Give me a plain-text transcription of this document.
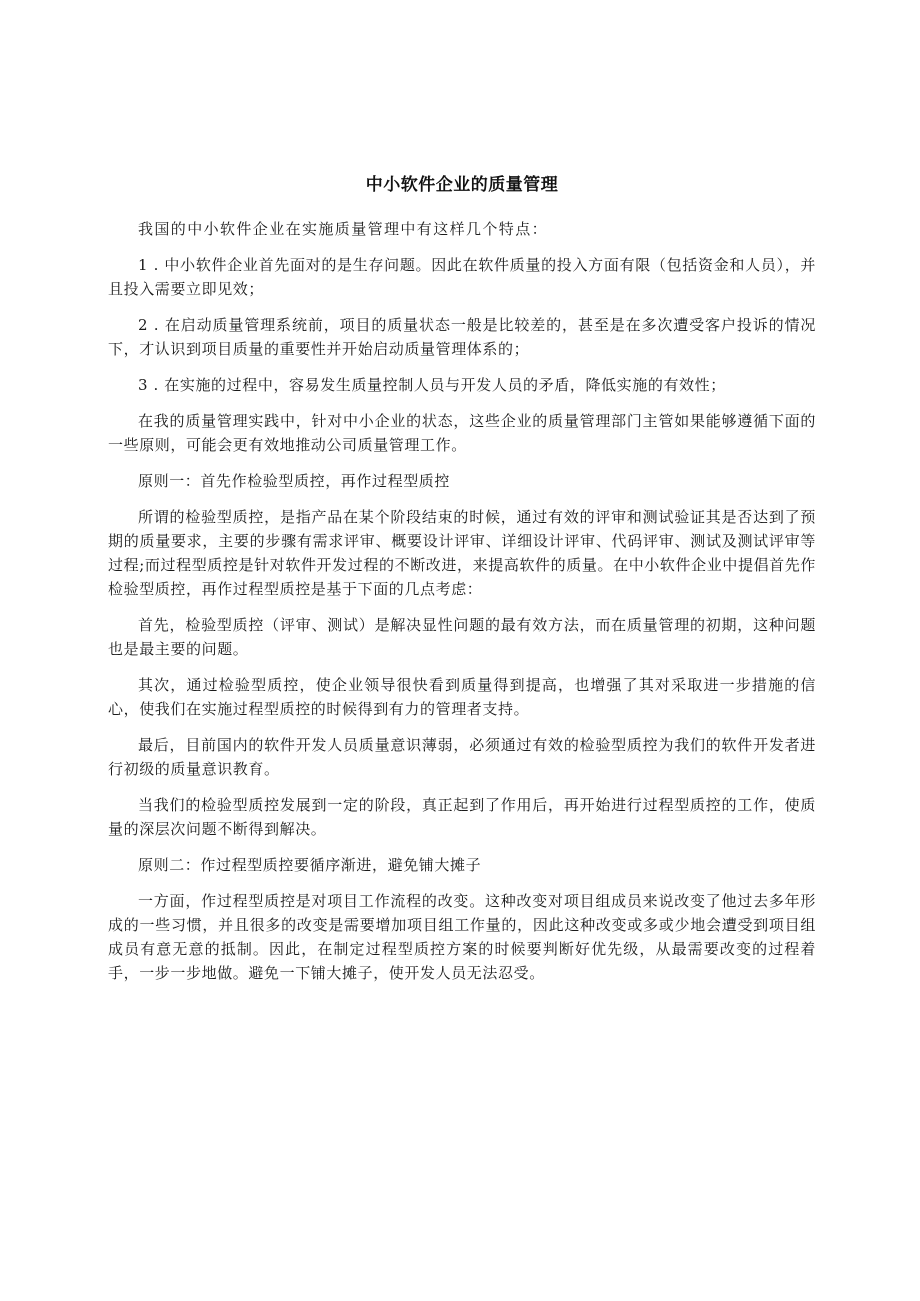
中小软件企业的质量管理

我国的中小软件企业在实施质量管理中有这样几个特点：

1 . 中小软件企业首先面对的是生存问题。因此在软件质量的投入方面有限（包括资金和人员），并且投入需要立即见效；

2 . 在启动质量管理系统前，项目的质量状态一般是比较差的，甚至是在多次遭受客户投诉的情况下，才认识到项目质量的重要性并开始启动质量管理体系的；

3 . 在实施的过程中，容易发生质量控制人员与开发人员的矛盾，降低实施的有效性；

在我的质量管理实践中，针对中小企业的状态，这些企业的质量管理部门主管如果能够遵循下面的一些原则，可能会更有效地推动公司质量管理工作。

原则一：首先作检验型质控，再作过程型质控

所谓的检验型质控，是指产品在某个阶段结束的时候，通过有效的评审和测试验证其是否达到了预期的质量要求，主要的步骤有需求评审、概要设计评审、详细设计评审、代码评审、测试及测试评审等过程;而过程型质控是针对软件开发过程的不断改进，来提高软件的质量。在中小软件企业中提倡首先作检验型质控，再作过程型质控是基于下面的几点考虑：

首先，检验型质控（评审、测试）是解决显性问题的最有效方法，而在质量管理的初期，这种问题也是最主要的问题。

其次，通过检验型质控，使企业领导很快看到质量得到提高，也增强了其对采取进一步措施的信心，使我们在实施过程型质控的时候得到有力的管理者支持。

最后，目前国内的软件开发人员质量意识薄弱，必须通过有效的检验型质控为我们的软件开发者进行初级的质量意识教育。

当我们的检验型质控发展到一定的阶段，真正起到了作用后，再开始进行过程型质控的工作，使质量的深层次问题不断得到解决。

原则二：作过程型质控要循序渐进，避免铺大摊子

一方面，作过程型质控是对项目工作流程的改变。这种改变对项目组成员来说改变了他过去多年形成的一些习惯，并且很多的改变是需要增加项目组工作量的，因此这种改变或多或少地会遭受到项目组成员有意无意的抵制。因此，在制定过程型质控方案的时候要判断好优先级，从最需要改变的过程着手，一步一步地做。避免一下铺大摊子，使开发人员无法忍受。
